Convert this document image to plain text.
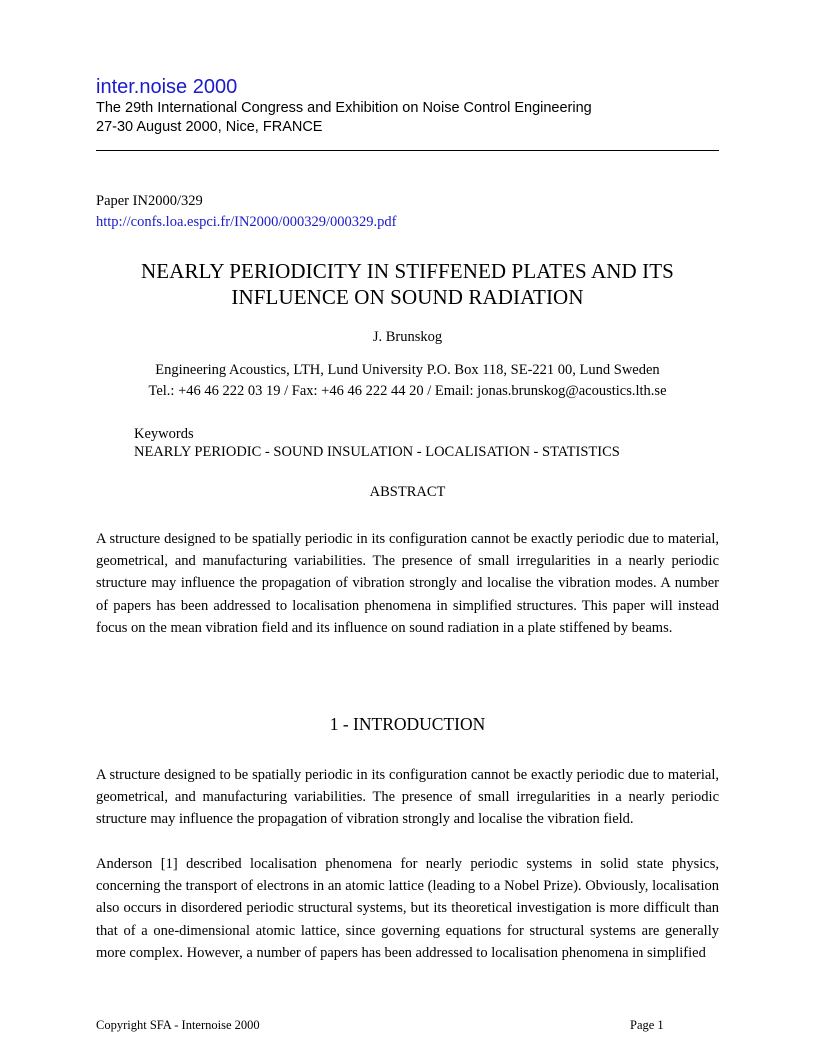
inter.noise 2000
The 29th International Congress and Exhibition on Noise Control Engineering
27-30 August 2000, Nice, FRANCE
Paper IN2000/329
http://confs.loa.espci.fr/IN2000/000329/000329.pdf
NEARLY PERIODICITY IN STIFFENED PLATES AND ITS
INFLUENCE ON SOUND RADIATION
J. Brunskog
Engineering Acoustics, LTH, Lund University P.O. Box 118, SE-221 00, Lund Sweden
Tel.: +46 46 222 03 19 / Fax: +46 46 222 44 20 / Email: jonas.brunskog@acoustics.lth.se
Keywords
NEARLY PERIODIC - SOUND INSULATION - LOCALISATION - STATISTICS
ABSTRACT

A structure designed to be spatially periodic in its configuration cannot be exactly periodic due to material, geometrical, and manufacturing variabilities. The presence of small irregularities in a nearly periodic structure may influence the propagation of vibration strongly and localise the vibration modes. A number of papers has been addressed to localisation phenomena in simplified structures. This paper will instead focus on the mean vibration field and its influence on sound radiation in a plate stiffened by beams.

1 - INTRODUCTION

A structure designed to be spatially periodic in its configuration cannot be exactly periodic due to material, geometrical, and manufacturing variabilities. The presence of small irregularities in a nearly periodic structure may influence the propagation of vibration strongly and localise the vibration field.

Anderson [1] described localisation phenomena for nearly periodic systems in solid state physics, concerning the transport of electrons in an atomic lattice (leading to a Nobel Prize). Obviously, localisation also occurs in disordered periodic structural systems, but its theoretical investigation is more difficult than that of a one-dimensional atomic lattice, since governing equations for structural systems are generally more complex. However, a number of papers has been addressed to localisation phenomena in simplified

Copyright SFA - Internoise 2000	Page 1
